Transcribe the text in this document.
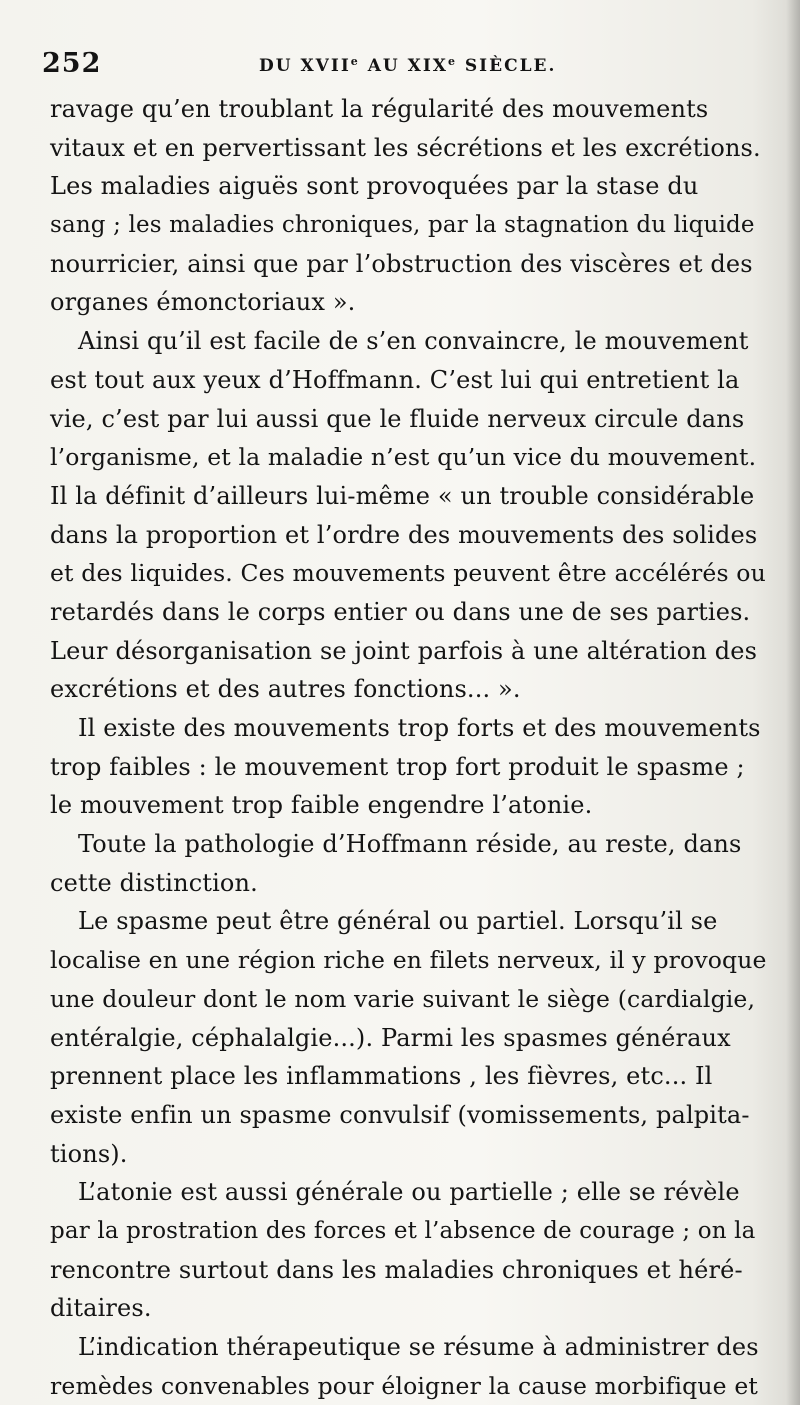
252	DU XVIIe AU XIXe SIÈCLE.
ravage qu’en troublant la régularité des mouvements
vitaux et en pervertissant les sécrétions et les excrétions.
Les maladies aiguës sont provoquées par la stase du
sang ; les maladies chroniques, par la stagnation du liquide
nourricier, ainsi que par l’obstruction des viscères et des
organes émonctoriaux ».
Ainsi qu’il est facile de s’en convaincre, le mouvement
est tout aux yeux d’Hoffmann. C’est lui qui entretient la
vie, c’est par lui aussi que le fluide nerveux circule dans
l’organisme, et la maladie n’est qu’un vice du mouvement.
Il la définit d’ailleurs lui-même « un trouble considérable
dans la proportion et l’ordre des mouvements des solides
et des liquides. Ces mouvements peuvent être accélérés ou
retardés dans le corps entier ou dans une de ses parties.
Leur désorganisation se joint parfois à une altération des
excrétions et des autres fonctions... ».
Il existe des mouvements trop forts et des mouvements
trop faibles : le mouvement trop fort produit le spasme ;
le mouvement trop faible engendre l’atonie.
Toute la pathologie d’Hoffmann réside, au reste, dans
cette distinction.
Le spasme peut être général ou partiel. Lorsqu’il se
localise en une région riche en filets nerveux, il y provoque
une douleur dont le nom varie suivant le siège (cardialgie,
entéralgie, céphalalgie...). Parmi les spasmes généraux
prennent place les inflammations , les fièvres, etc... Il
existe enfin un spasme convulsif (vomissements, palpita-
tions).
L’atonie est aussi générale ou partielle ; elle se révèle
par la prostration des forces et l’absence de courage ; on la
rencontre surtout dans les maladies chroniques et héré-
ditaires.
L’indication thérapeutique se résume à administrer des
remèdes convenables pour éloigner la cause morbifique et
